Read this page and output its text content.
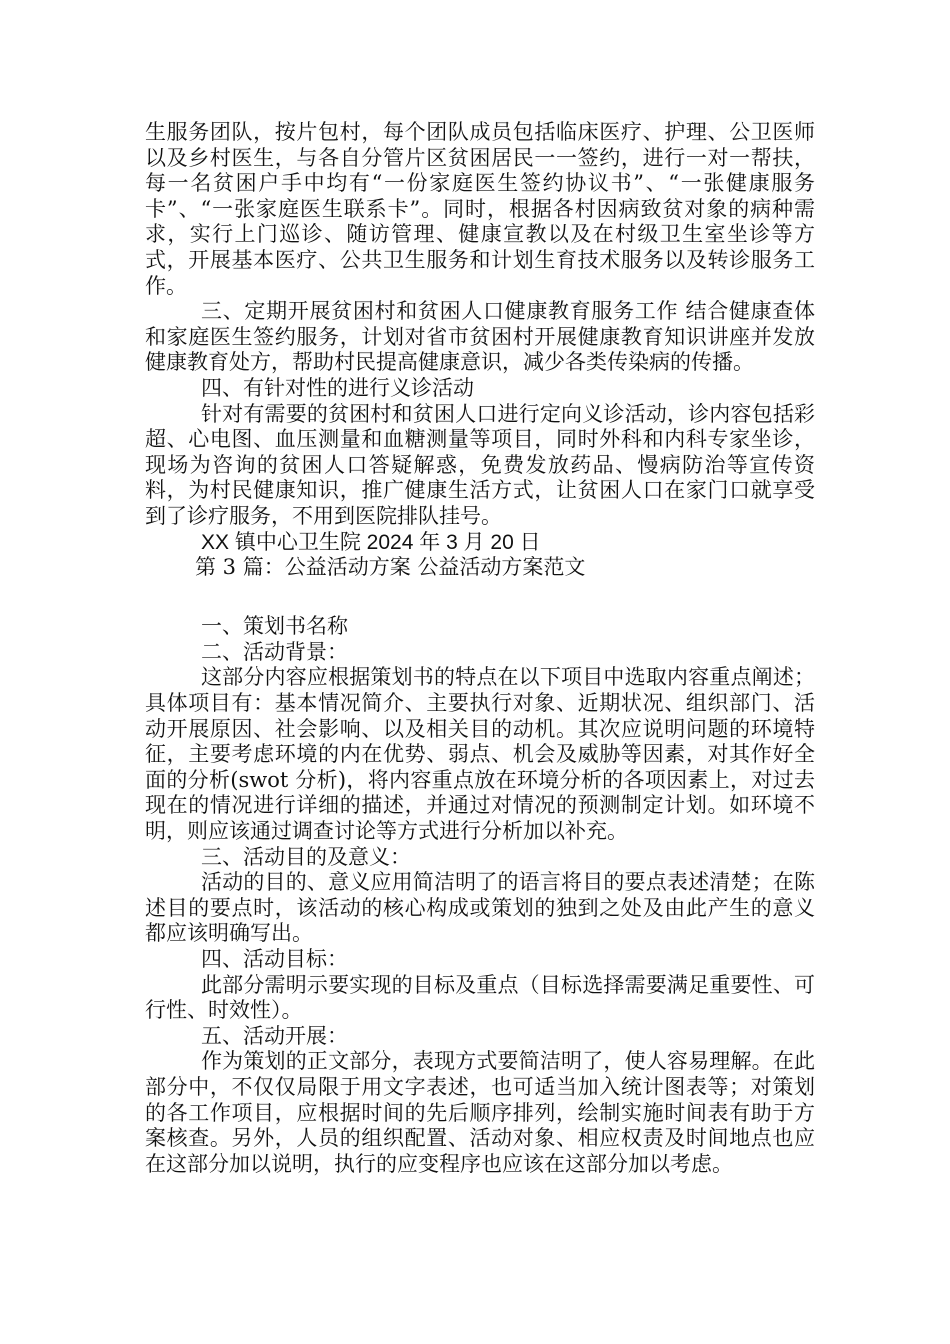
生服务团队，按片包村，每个团队成员包括临床医疗、护理、公卫医师以及乡村医生，与各自分管片区贫困居民一一签约，进行一对一帮扶，每一名贫困户手中均有“一份家庭医生签约协议书”、“一张健康服务卡”、“一张家庭医生联系卡”。同时，根据各村因病致贫对象的病种需求，实行上门巡诊、随访管理、健康宣教以及在村级卫生室坐诊等方式，开展基本医疗、公共卫生服务和计划生育技术服务以及转诊服务工作。

三、定期开展贫困村和贫困人口健康教育服务工作 结合健康查体和家庭医生签约服务，计划对省市贫困村开展健康教育知识讲座并发放健康教育处方，帮助村民提高健康意识，减少各类传染病的传播。

四、有针对性的进行义诊活动

针对有需要的贫困村和贫困人口进行定向义诊活动，诊内容包括彩超、心电图、血压测量和血糖测量等项目，同时外科和内科专家坐诊，现场为咨询的贫困人口答疑解惑，免费发放药品、慢病防治等宣传资料，为村民健康知识，推广健康生活方式，让贫困人口在家门口就享受到了诊疗服务，不用到医院排队挂号。

XX 镇中心卫生院 2024 年 3 月 20 日

第 3 篇：公益活动方案 公益活动方案范文

一、策划书名称

二、活动背景：

这部分内容应根据策划书的特点在以下项目中选取内容重点阐述；具体项目有：基本情况简介、主要执行对象、近期状况、组织部门、活动开展原因、社会影响、以及相关目的动机。其次应说明问题的环境特征，主要考虑环境的内在优势、弱点、机会及威胁等因素，对其作好全面的分析(swot 分析)，将内容重点放在环境分析的各项因素上，对过去现在的情况进行详细的描述，并通过对情况的预测制定计划。如环境不明，则应该通过调查讨论等方式进行分析加以补充。

三、活动目的及意义：

活动的目的、意义应用简洁明了的语言将目的要点表述清楚；在陈述目的要点时，该活动的核心构成或策划的独到之处及由此产生的意义都应该明确写出。

四、活动目标：

此部分需明示要实现的目标及重点（目标选择需要满足重要性、可行性、时效性）。

五、活动开展：

作为策划的正文部分，表现方式要简洁明了，使人容易理解。在此部分中，不仅仅局限于用文字表述，也可适当加入统计图表等；对策划的各工作项目，应根据时间的先后顺序排列，绘制实施时间表有助于方案核查。另外，人员的组织配置、活动对象、相应权责及时间地点也应在这部分加以说明，执行的应变程序也应该在这部分加以考虑。
